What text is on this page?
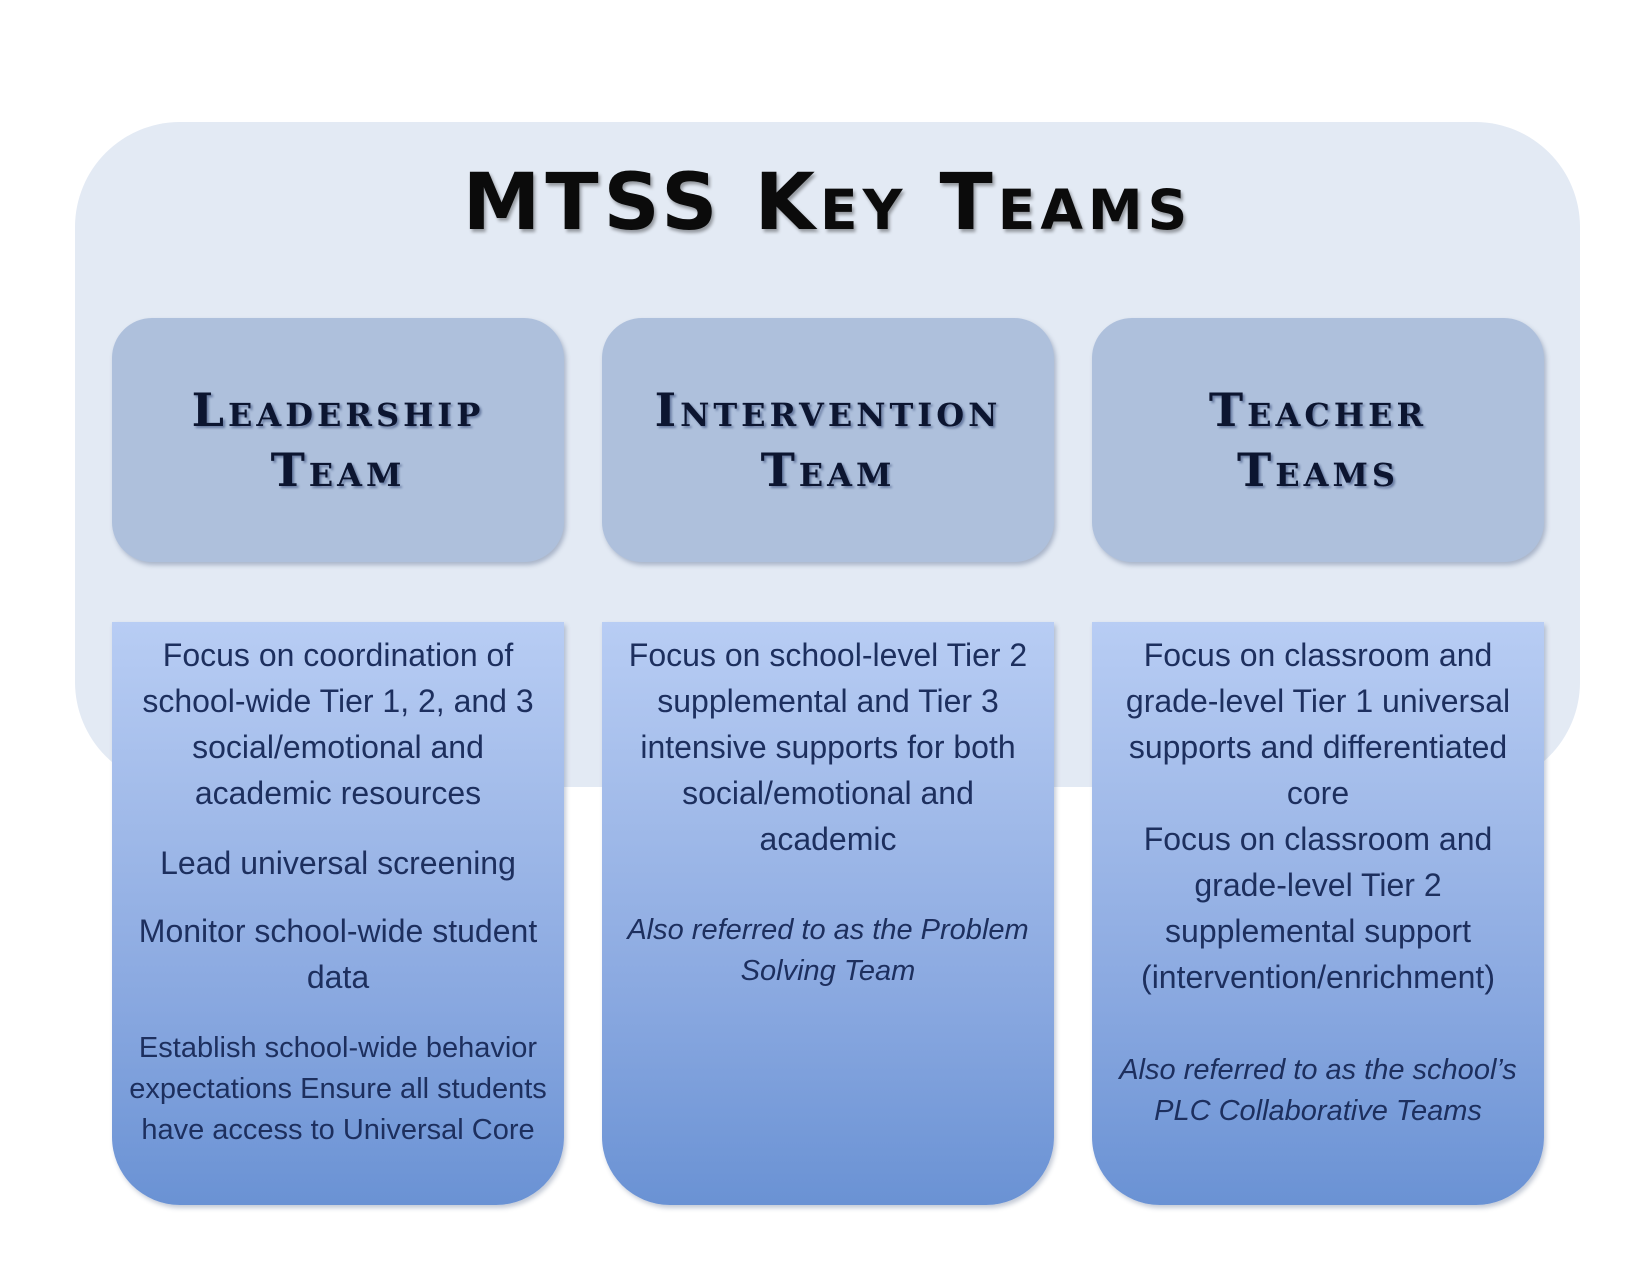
MTSS Key Teams
Leadership
Team

Focus on coordination of school-wide Tier 1, 2, and 3 social/emotional and academic resources

Lead universal screening

Monitor school-wide student data

Establish school-wide behavior expectations Ensure all students have access to Universal Core

Intervention
Team

Focus on school-level Tier 2 supplemental and Tier 3 intensive supports for both social/emotional and academic

Also referred to as the Problem Solving Team

Teacher
Teams

Focus on classroom and grade-level Tier 1 universal supports and differentiated core

Focus on classroom and grade-level Tier 2 supplemental support (intervention/enrichment)

Also referred to as the school’s PLC Collaborative Teams
